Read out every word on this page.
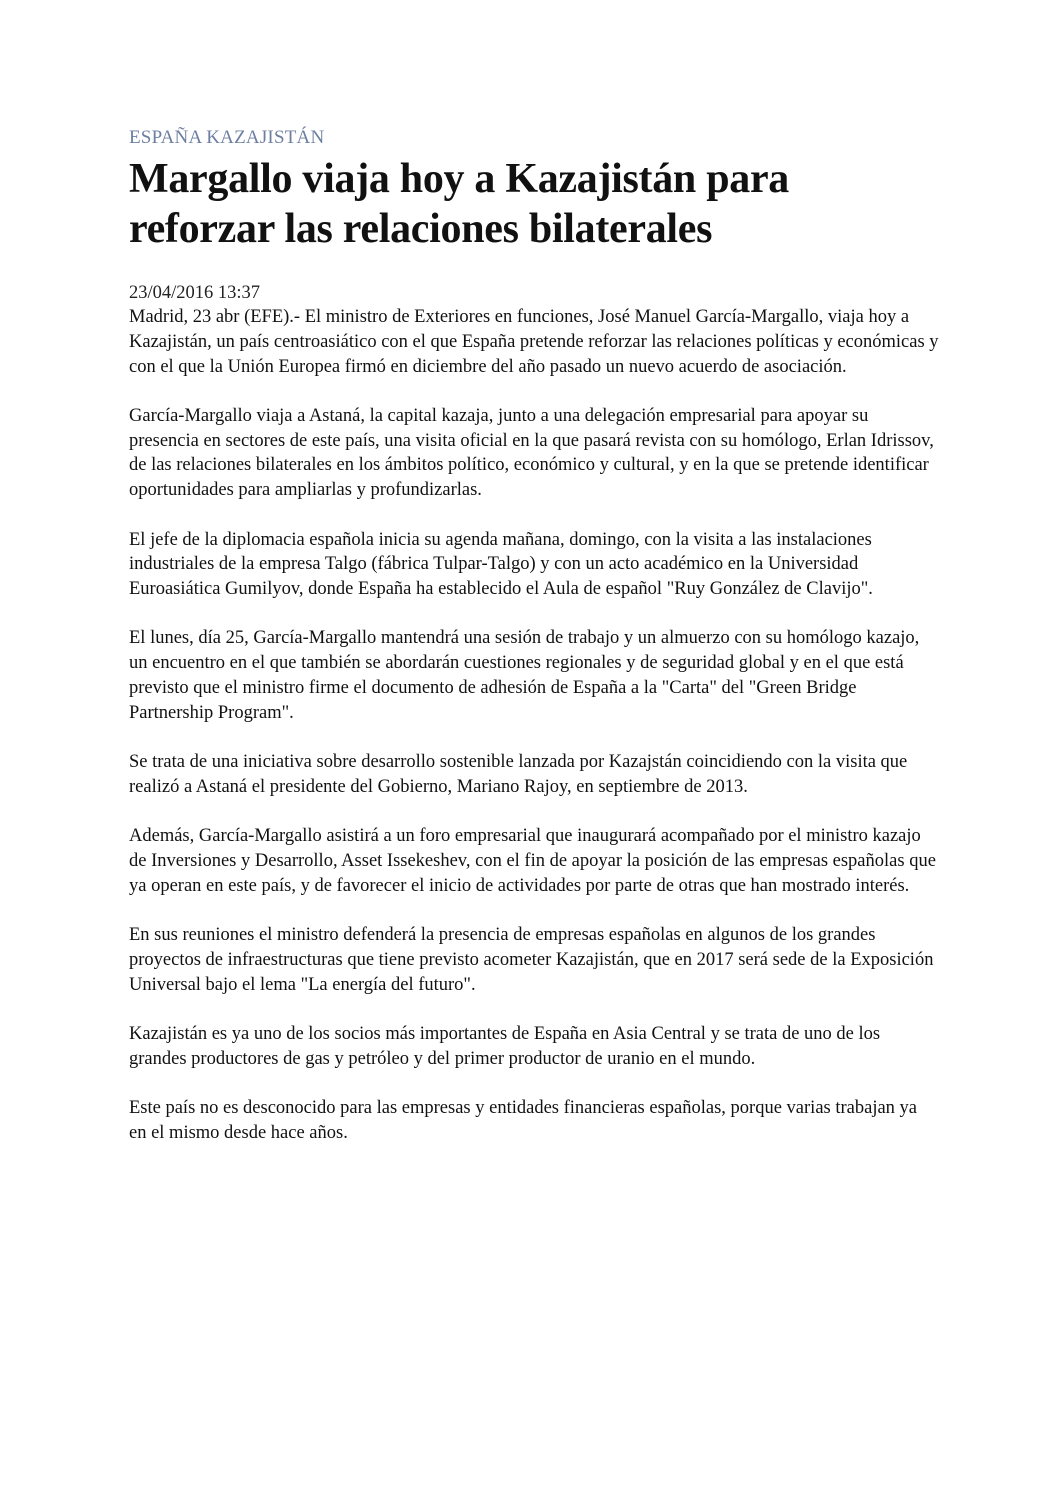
ESPAÑA KAZAJISTÁN
Margallo viaja hoy a Kazajistán para
reforzar las relaciones bilaterales
23/04/2016 13:37

Madrid, 23 abr (EFE).- El ministro de Exteriores en funciones, José Manuel García-Margallo, viaja hoy a Kazajistán, un país centroasiático con el que España pretende reforzar las relaciones políticas y económicas y con el que la Unión Europea firmó en diciembre del año pasado un nuevo acuerdo de asociación.

García-Margallo viaja a Astaná, la capital kazaja, junto a una delegación empresarial para apoyar su presencia en sectores de este país, una visita oficial en la que pasará revista con su homólogo, Erlan Idrissov, de las relaciones bilaterales en los ámbitos político, económico y cultural, y en la que se pretende identificar oportunidades para ampliarlas y profundizarlas.

El jefe de la diplomacia española inicia su agenda mañana, domingo, con la visita a las instalaciones industriales de la empresa Talgo (fábrica Tulpar-Talgo) y con un acto académico en la Universidad Euroasiática Gumilyov, donde España ha establecido el Aula de español "Ruy González de Clavijo".

El lunes, día 25, García-Margallo mantendrá una sesión de trabajo y un almuerzo con su homólogo kazajo, un encuentro en el que también se abordarán cuestiones regionales y de seguridad global y en el que está previsto que el ministro firme el documento de adhesión de España a la "Carta" del "Green Bridge Partnership Program".

Se trata de una iniciativa sobre desarrollo sostenible lanzada por Kazajstán coincidiendo con la visita que realizó a Astaná el presidente del Gobierno, Mariano Rajoy, en septiembre de 2013.

Además, García-Margallo asistirá a un foro empresarial que inaugurará acompañado por el ministro kazajo de Inversiones y Desarrollo, Asset Issekeshev, con el fin de apoyar la posición de las empresas españolas que ya operan en este país, y de favorecer el inicio de actividades por parte de otras que han mostrado interés.

En sus reuniones el ministro defenderá la presencia de empresas españolas en algunos de los grandes proyectos de infraestructuras que tiene previsto acometer Kazajistán, que en 2017 será sede de la Exposición Universal bajo el lema "La energía del futuro".

Kazajistán es ya uno de los socios más importantes de España en Asia Central y se trata de uno de los grandes productores de gas y petróleo y del primer productor de uranio en el mundo.

Este país no es desconocido para las empresas y entidades financieras españolas, porque varias trabajan ya en el mismo desde hace años.
